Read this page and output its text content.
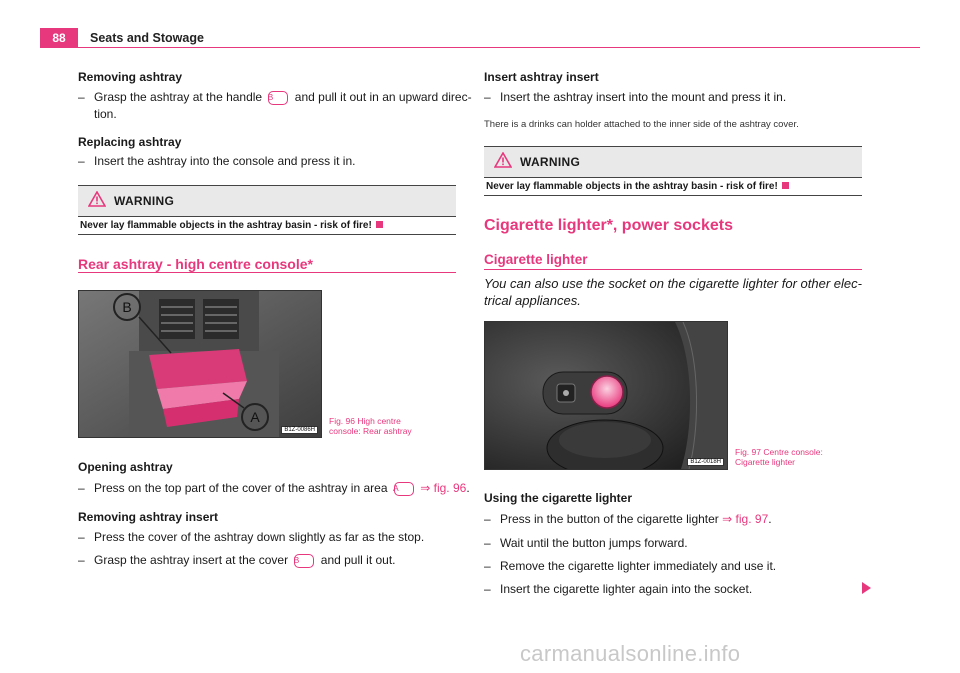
88	Seats and Stowage
Removing ashtray
– Grasp the ashtray at the handle B and pull it out in an upward direc-
tion.
Replacing ashtray
– Insert the ashtray into the console and press it in.
WARNING
Never lay flammable objects in the ashtray basin - risk of fire!
Rear ashtray - high centre console*
B
A
B1Z-0086H
Fig. 96 High centre
console: Rear ashtray
Opening ashtray
– Press on the top part of the cover of the ashtray in area A ⇒ fig. 96.
Removing ashtray insert
– Press the cover of the ashtray down slightly as far as the stop.
– Grasp the ashtray insert at the cover B and pull it out.
Insert ashtray insert
– Insert the ashtray insert into the mount and press it in.
There is a drinks can holder attached to the inner side of the ashtray cover.
WARNING
Never lay flammable objects in the ashtray basin - risk of fire!
Cigarette lighter*, power sockets
Cigarette lighter
You can also use the socket on the cigarette lighter for other elec-
trical appliances.
B1Z-0018H
Fig. 97 Centre console:
Cigarette lighter
Using the cigarette lighter
– Press in the button of the cigarette lighter ⇒ fig. 97.
– Wait until the button jumps forward.
– Remove the cigarette lighter immediately and use it.
– Insert the cigarette lighter again into the socket.
carmanualsonline.info
